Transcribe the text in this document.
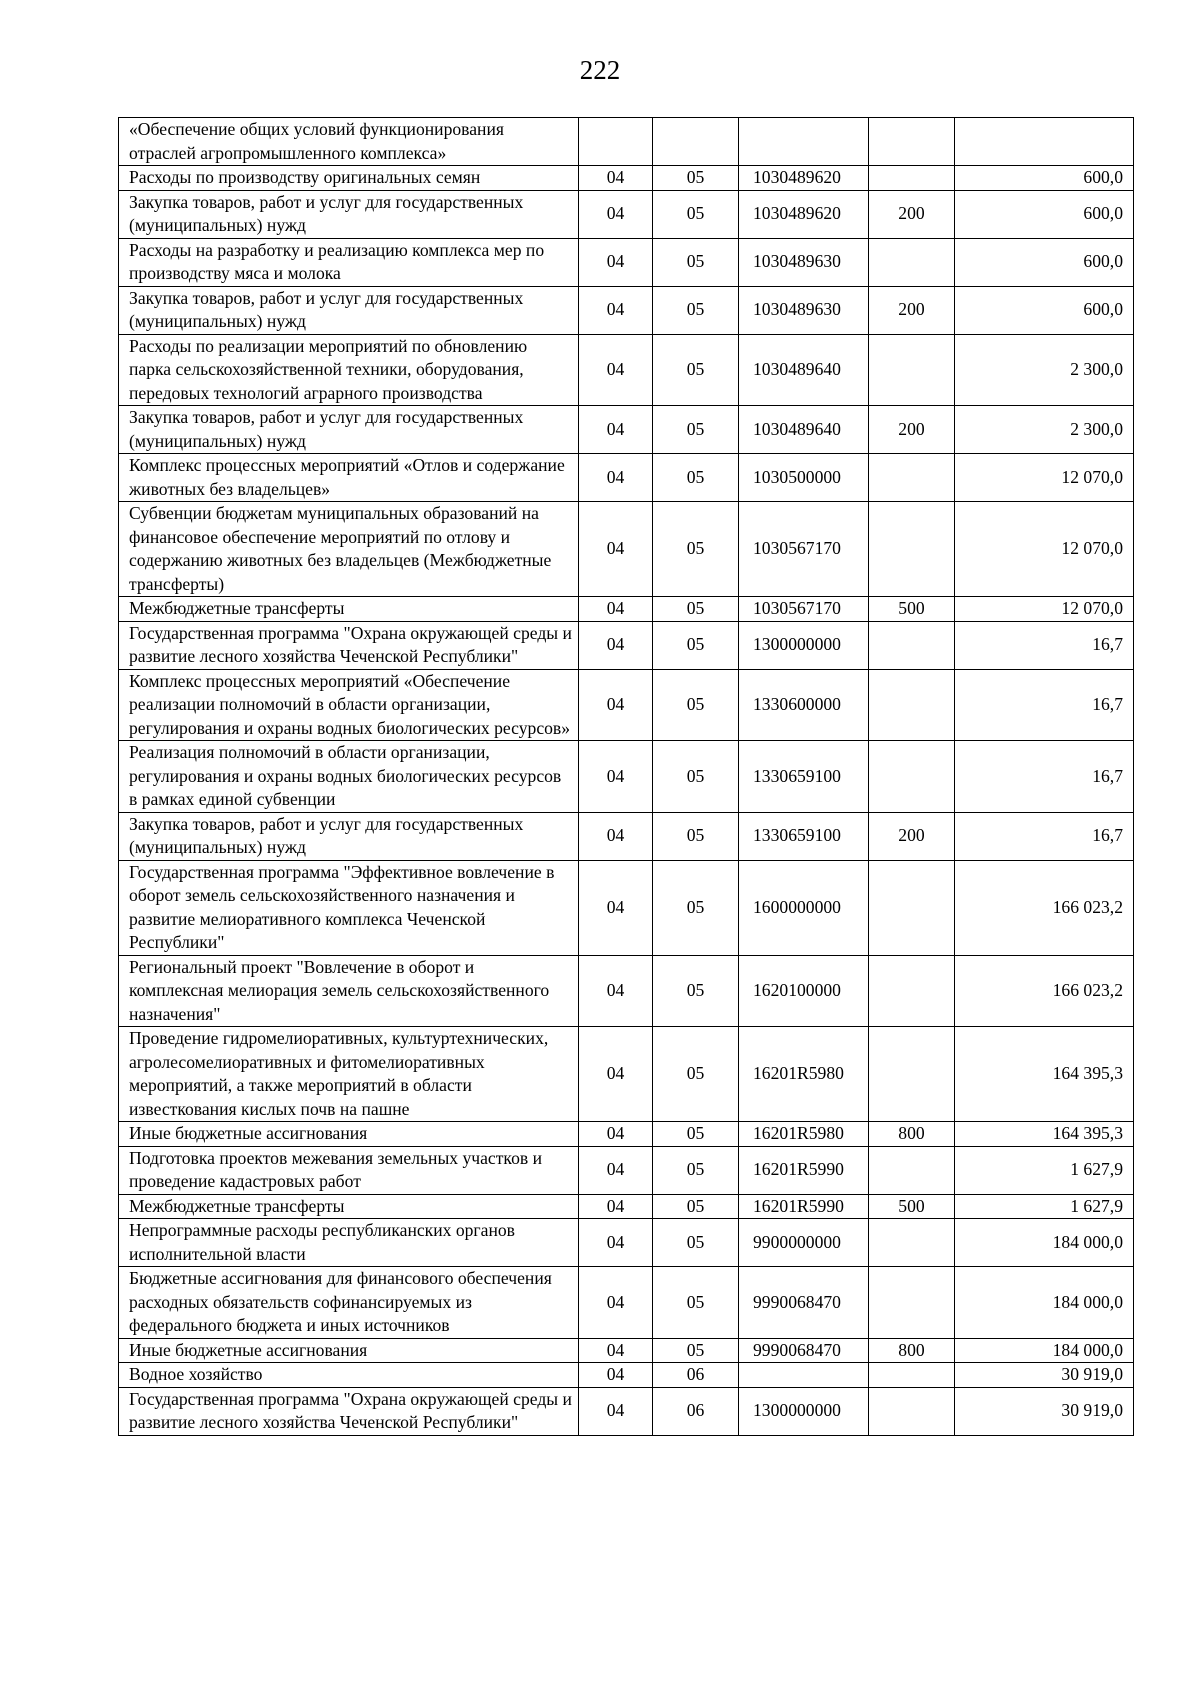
222
«Обеспечение общих условий функционирования отраслей агропромышленного комплекса»					
Расходы по производству оригинальных семян	04	05	1030489620		600,0
Закупка товаров, работ и услуг для государственных (муниципальных) нужд	04	05	1030489620	200	600,0
Расходы на разработку и реализацию комплекса мер по производству мяса и молока	04	05	1030489630		600,0
Закупка товаров, работ и услуг для государственных (муниципальных) нужд	04	05	1030489630	200	600,0
Расходы по реализации мероприятий по обновлению парка сельскохозяйственной техники, оборудования, передовых технологий аграрного производства	04	05	1030489640		2 300,0
Закупка товаров, работ и услуг для государственных (муниципальных) нужд	04	05	1030489640	200	2 300,0
Комплекс процессных мероприятий «Отлов и содержание животных без владельцев»	04	05	1030500000		12 070,0
Субвенции бюджетам муниципальных образований на финансовое обеспечение мероприятий по отлову и содержанию животных без владельцев (Межбюджетные трансферты)	04	05	1030567170		12 070,0
Межбюджетные трансферты	04	05	1030567170	500	12 070,0
Государственная программа "Охрана окружающей среды и развитие лесного хозяйства Чеченской Республики"	04	05	1300000000		16,7
Комплекс процессных мероприятий «Обеспечение реализации полномочий в области организации, регулирования и охраны водных биологических ресурсов»	04	05	1330600000		16,7
Реализация полномочий в области организации, регулирования и охраны водных биологических ресурсов в рамках единой субвенции	04	05	1330659100		16,7
Закупка товаров, работ и услуг для государственных (муниципальных) нужд	04	05	1330659100	200	16,7
Государственная программа "Эффективное вовлечение в оборот земель сельскохозяйственного назначения и развитие мелиоративного комплекса Чеченской Республики"	04	05	1600000000		166 023,2
Региональный проект "Вовлечение в оборот и комплексная мелиорация земель сельскохозяйственного назначения"	04	05	1620100000		166 023,2
Проведение гидромелиоративных, культуртехнических, агролесомелиоративных и фитомелиоративных мероприятий, а также мероприятий в области известкования кислых почв на пашне	04	05	16201R5980		164 395,3
Иные бюджетные ассигнования	04	05	16201R5980	800	164 395,3
Подготовка проектов межевания земельных участков и проведение кадастровых работ	04	05	16201R5990		1 627,9
Межбюджетные трансферты	04	05	16201R5990	500	1 627,9
Непрограммные расходы республиканских органов исполнительной власти	04	05	9900000000		184 000,0
Бюджетные ассигнования для финансового обеспечения расходных обязательств софинансируемых из федерального бюджета и иных источников	04	05	9990068470		184 000,0
Иные бюджетные ассигнования	04	05	9990068470	800	184 000,0
Водное хозяйство	04	06			30 919,0
Государственная программа "Охрана окружающей среды и развитие лесного хозяйства Чеченской Республики"	04	06	1300000000		30 919,0
